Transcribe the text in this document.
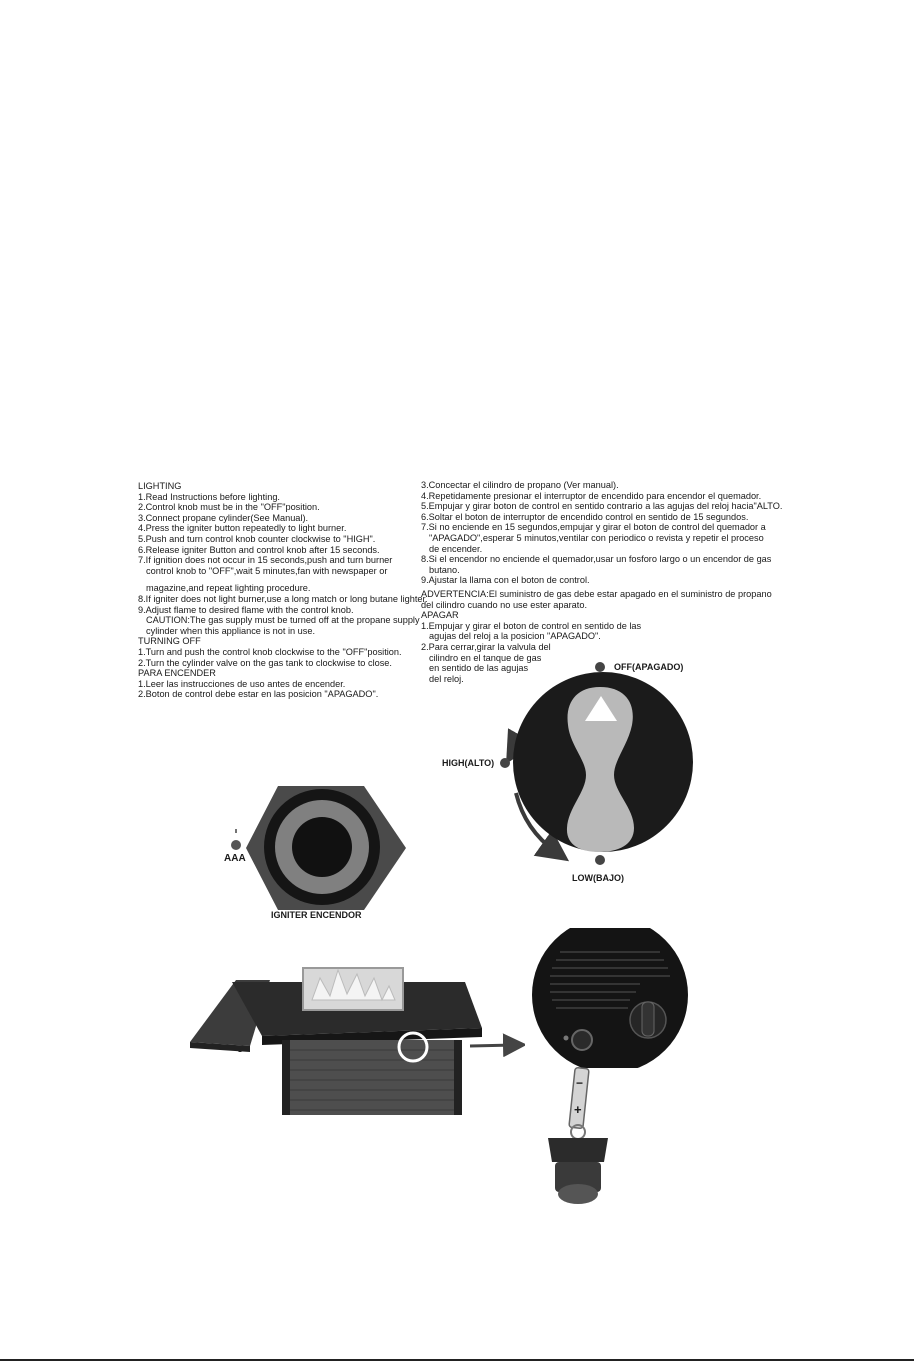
LIGHTING

1.Read Instructions before lighting.

2.Control knob must be in the "OFF"position.

3.Connect propane cylinder(See Manual).

4.Press the igniter button repeatedly to light burner.

5.Push and turn control knob counter clockwise to "HIGH".

6.Release igniter Button and control knob after 15 seconds.

7.If ignition does not occur in 15 seconds,push and turn burner

control knob to "OFF",wait 5 minutes,fan with newspaper or

magazine,and repeat lighting procedure.

8.If igniter does not light burner,use a long match or long butane lighter.

9.Adjust flame to desired flame with the control knob.

CAUTION:The gas supply must be turned off at the propane supply

cylinder when this appliance is not in use.

TURNING OFF

1.Turn and push the control knob clockwise to the "OFF"position.

2.Turn the cylinder valve on the gas tank to clockwise to close.

PARA ENCENDER

1.Leer las instrucciones de uso antes de encender.

2.Boton de control debe estar en las posicion "APAGADO".

3.Concectar el cilindro de propano (Ver manual).

4.Repetidamente presionar el interruptor de encendido para encendor el quemador.

5.Empujar y girar boton de control en sentido contrario a las agujas del reloj hacia"ALTO.

6.Soltar el boton de interruptor de encendido control en sentido de 15 segundos.

7.Si no enciende en 15 segundos,empujar y girar el boton de control del quemador a

"APAGADO",esperar 5 minutos,ventilar con periodico o revista y repetir el proceso

de encender.

8.Si el encendor no enciende el quemador,usar un fosforo largo o un encendor de gas

butano.

9.Ajustar la llama con el boton de control.

ADVERTENCIA:El suministro de gas debe estar apagado en el suministro de propano

del cilindro cuando no use ester aparato.

APAGAR

1.Empujar y girar el boton de control en sentido de las

agujas del reloj a la posicion "APAGADO".

2.Para cerrar,girar la valvula del

cilindro en el tanque de gas

en sentido de las agujas

del reloj.

OFF(APAGADO)
HIGH(ALTO)
LOW(BAJO)
AAA
IGNITER ENCENDOR
−
+
